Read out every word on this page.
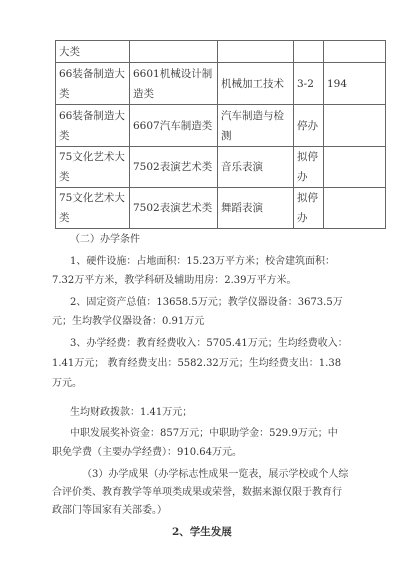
大类				
66装备制造大类	6601机械设计制造类	机械加工技术	3-2	194
66装备制造大类	6607汽车制造类	汽车制造与检测	停办	
75文化艺术大类	7502表演艺术类	音乐表演	拟停办	
75文化艺术大类	7502表演艺术类	舞蹈表演	拟停办	
（二）办学条件
1、硬件设施：占地面积：15.23万平方米；校舍建筑面积：
7.32万平方米，教学科研及辅助用房：2.39万平方米。
2、固定资产总值：13658.5万元；教学仪器设备：3673.5万
元；生均教学仪器设备：0.91万元
3、办学经费：教育经费收入：5705.41万元；生均经费收入：
1.41万元； 教育经费支出：5582.32万元；生均经费支出：1.38
万元。
生均财政拨款：1.41万元；
中职发展奖补资金：857万元；中职助学金：529.9万元；中
职免学费（主要办学经费）：910.64万元。
（3）办学成果（办学标志性成果一览表，展示学校或个人综
合评价类、教育教学等单项类成果或荣誉，数据来源仅限于教育行
政部门等国家有关部委。）
2、学生发展
